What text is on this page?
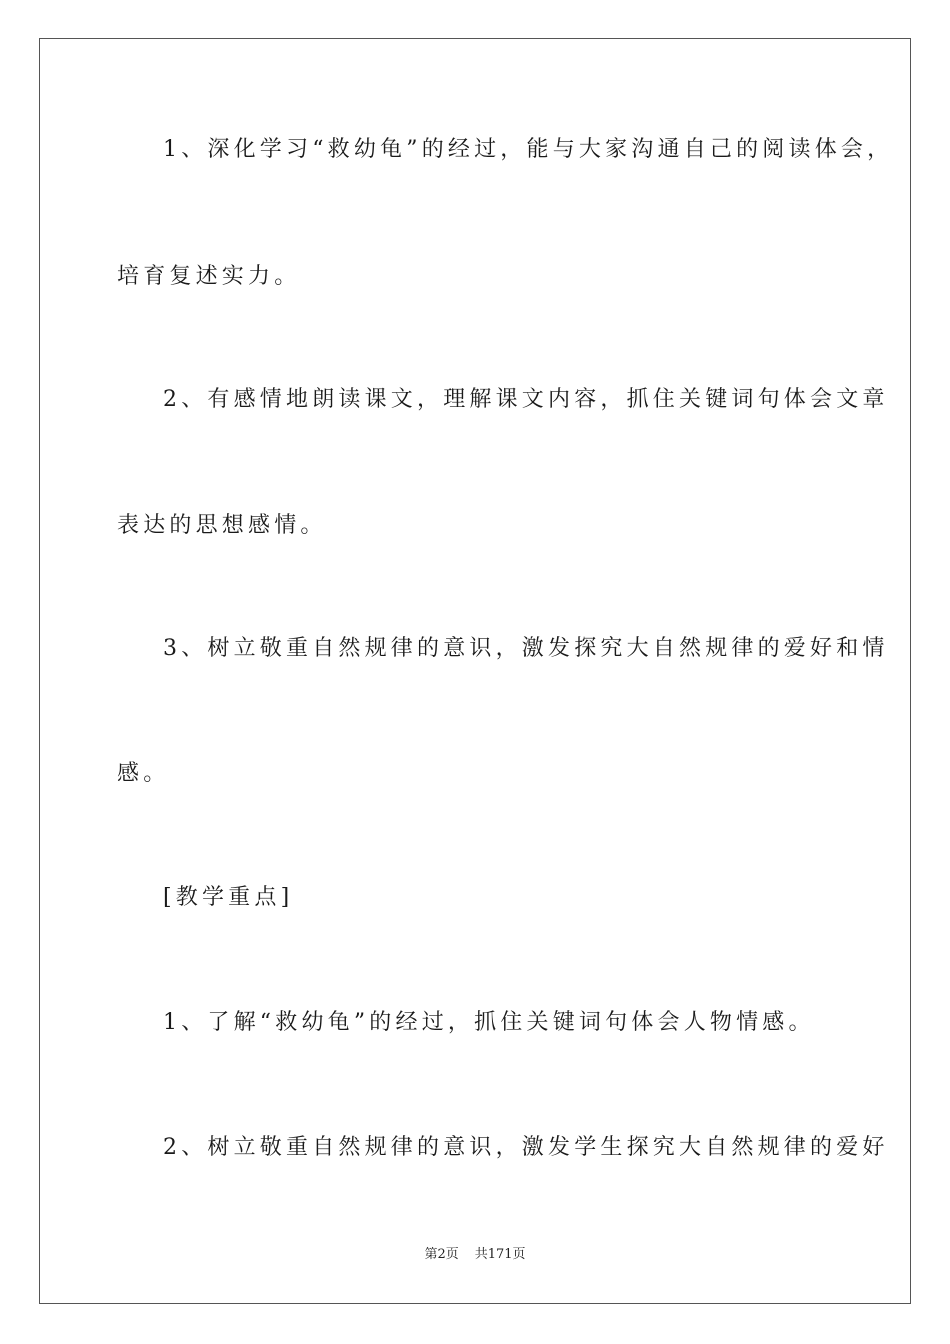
1、深化学习“救幼龟”的经过，能与大家沟通自己的阅读体会，
培育复述实力。
2、有感情地朗读课文，理解课文内容，抓住关键词句体会文章
表达的思想感情。
3、树立敬重自然规律的意识，激发探究大自然规律的爱好和情
感。
[教学重点]
1、了解“救幼龟”的经过，抓住关键词句体会人物情感。
2、树立敬重自然规律的意识，激发学生探究大自然规律的爱好
第2页 共171页
